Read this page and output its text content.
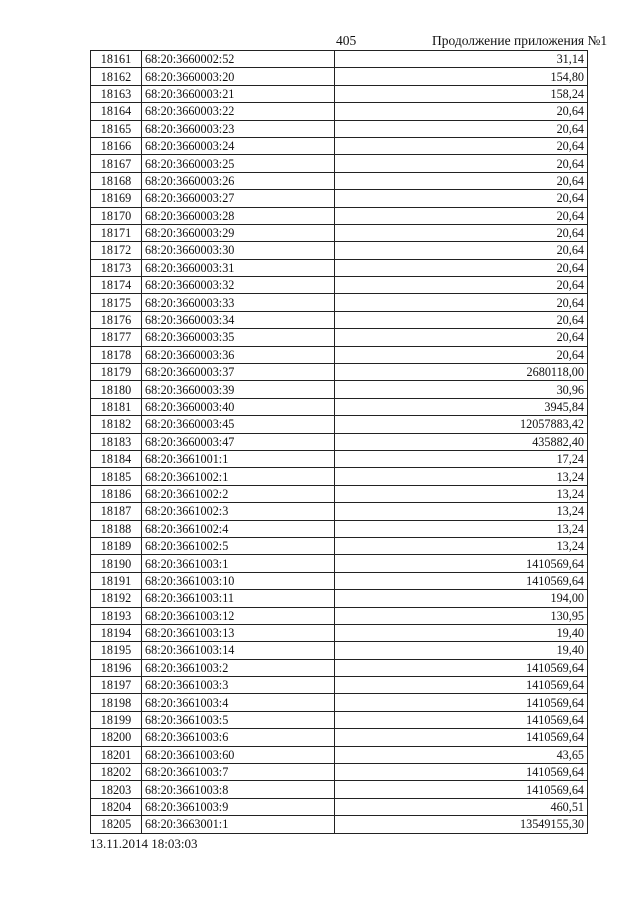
405	Продолжение приложения №1
18161	68:20:3660002:52	31,14
18162	68:20:3660003:20	154,80
18163	68:20:3660003:21	158,24
18164	68:20:3660003:22	20,64
18165	68:20:3660003:23	20,64
18166	68:20:3660003:24	20,64
18167	68:20:3660003:25	20,64
18168	68:20:3660003:26	20,64
18169	68:20:3660003:27	20,64
18170	68:20:3660003:28	20,64
18171	68:20:3660003:29	20,64
18172	68:20:3660003:30	20,64
18173	68:20:3660003:31	20,64
18174	68:20:3660003:32	20,64
18175	68:20:3660003:33	20,64
18176	68:20:3660003:34	20,64
18177	68:20:3660003:35	20,64
18178	68:20:3660003:36	20,64
18179	68:20:3660003:37	2680118,00
18180	68:20:3660003:39	30,96
18181	68:20:3660003:40	3945,84
18182	68:20:3660003:45	12057883,42
18183	68:20:3660003:47	435882,40
18184	68:20:3661001:1	17,24
18185	68:20:3661002:1	13,24
18186	68:20:3661002:2	13,24
18187	68:20:3661002:3	13,24
18188	68:20:3661002:4	13,24
18189	68:20:3661002:5	13,24
18190	68:20:3661003:1	1410569,64
18191	68:20:3661003:10	1410569,64
18192	68:20:3661003:11	194,00
18193	68:20:3661003:12	130,95
18194	68:20:3661003:13	19,40
18195	68:20:3661003:14	19,40
18196	68:20:3661003:2	1410569,64
18197	68:20:3661003:3	1410569,64
18198	68:20:3661003:4	1410569,64
18199	68:20:3661003:5	1410569,64
18200	68:20:3661003:6	1410569,64
18201	68:20:3661003:60	43,65
18202	68:20:3661003:7	1410569,64
18203	68:20:3661003:8	1410569,64
18204	68:20:3661003:9	460,51
18205	68:20:3663001:1	13549155,30
13.11.2014 18:03:03
